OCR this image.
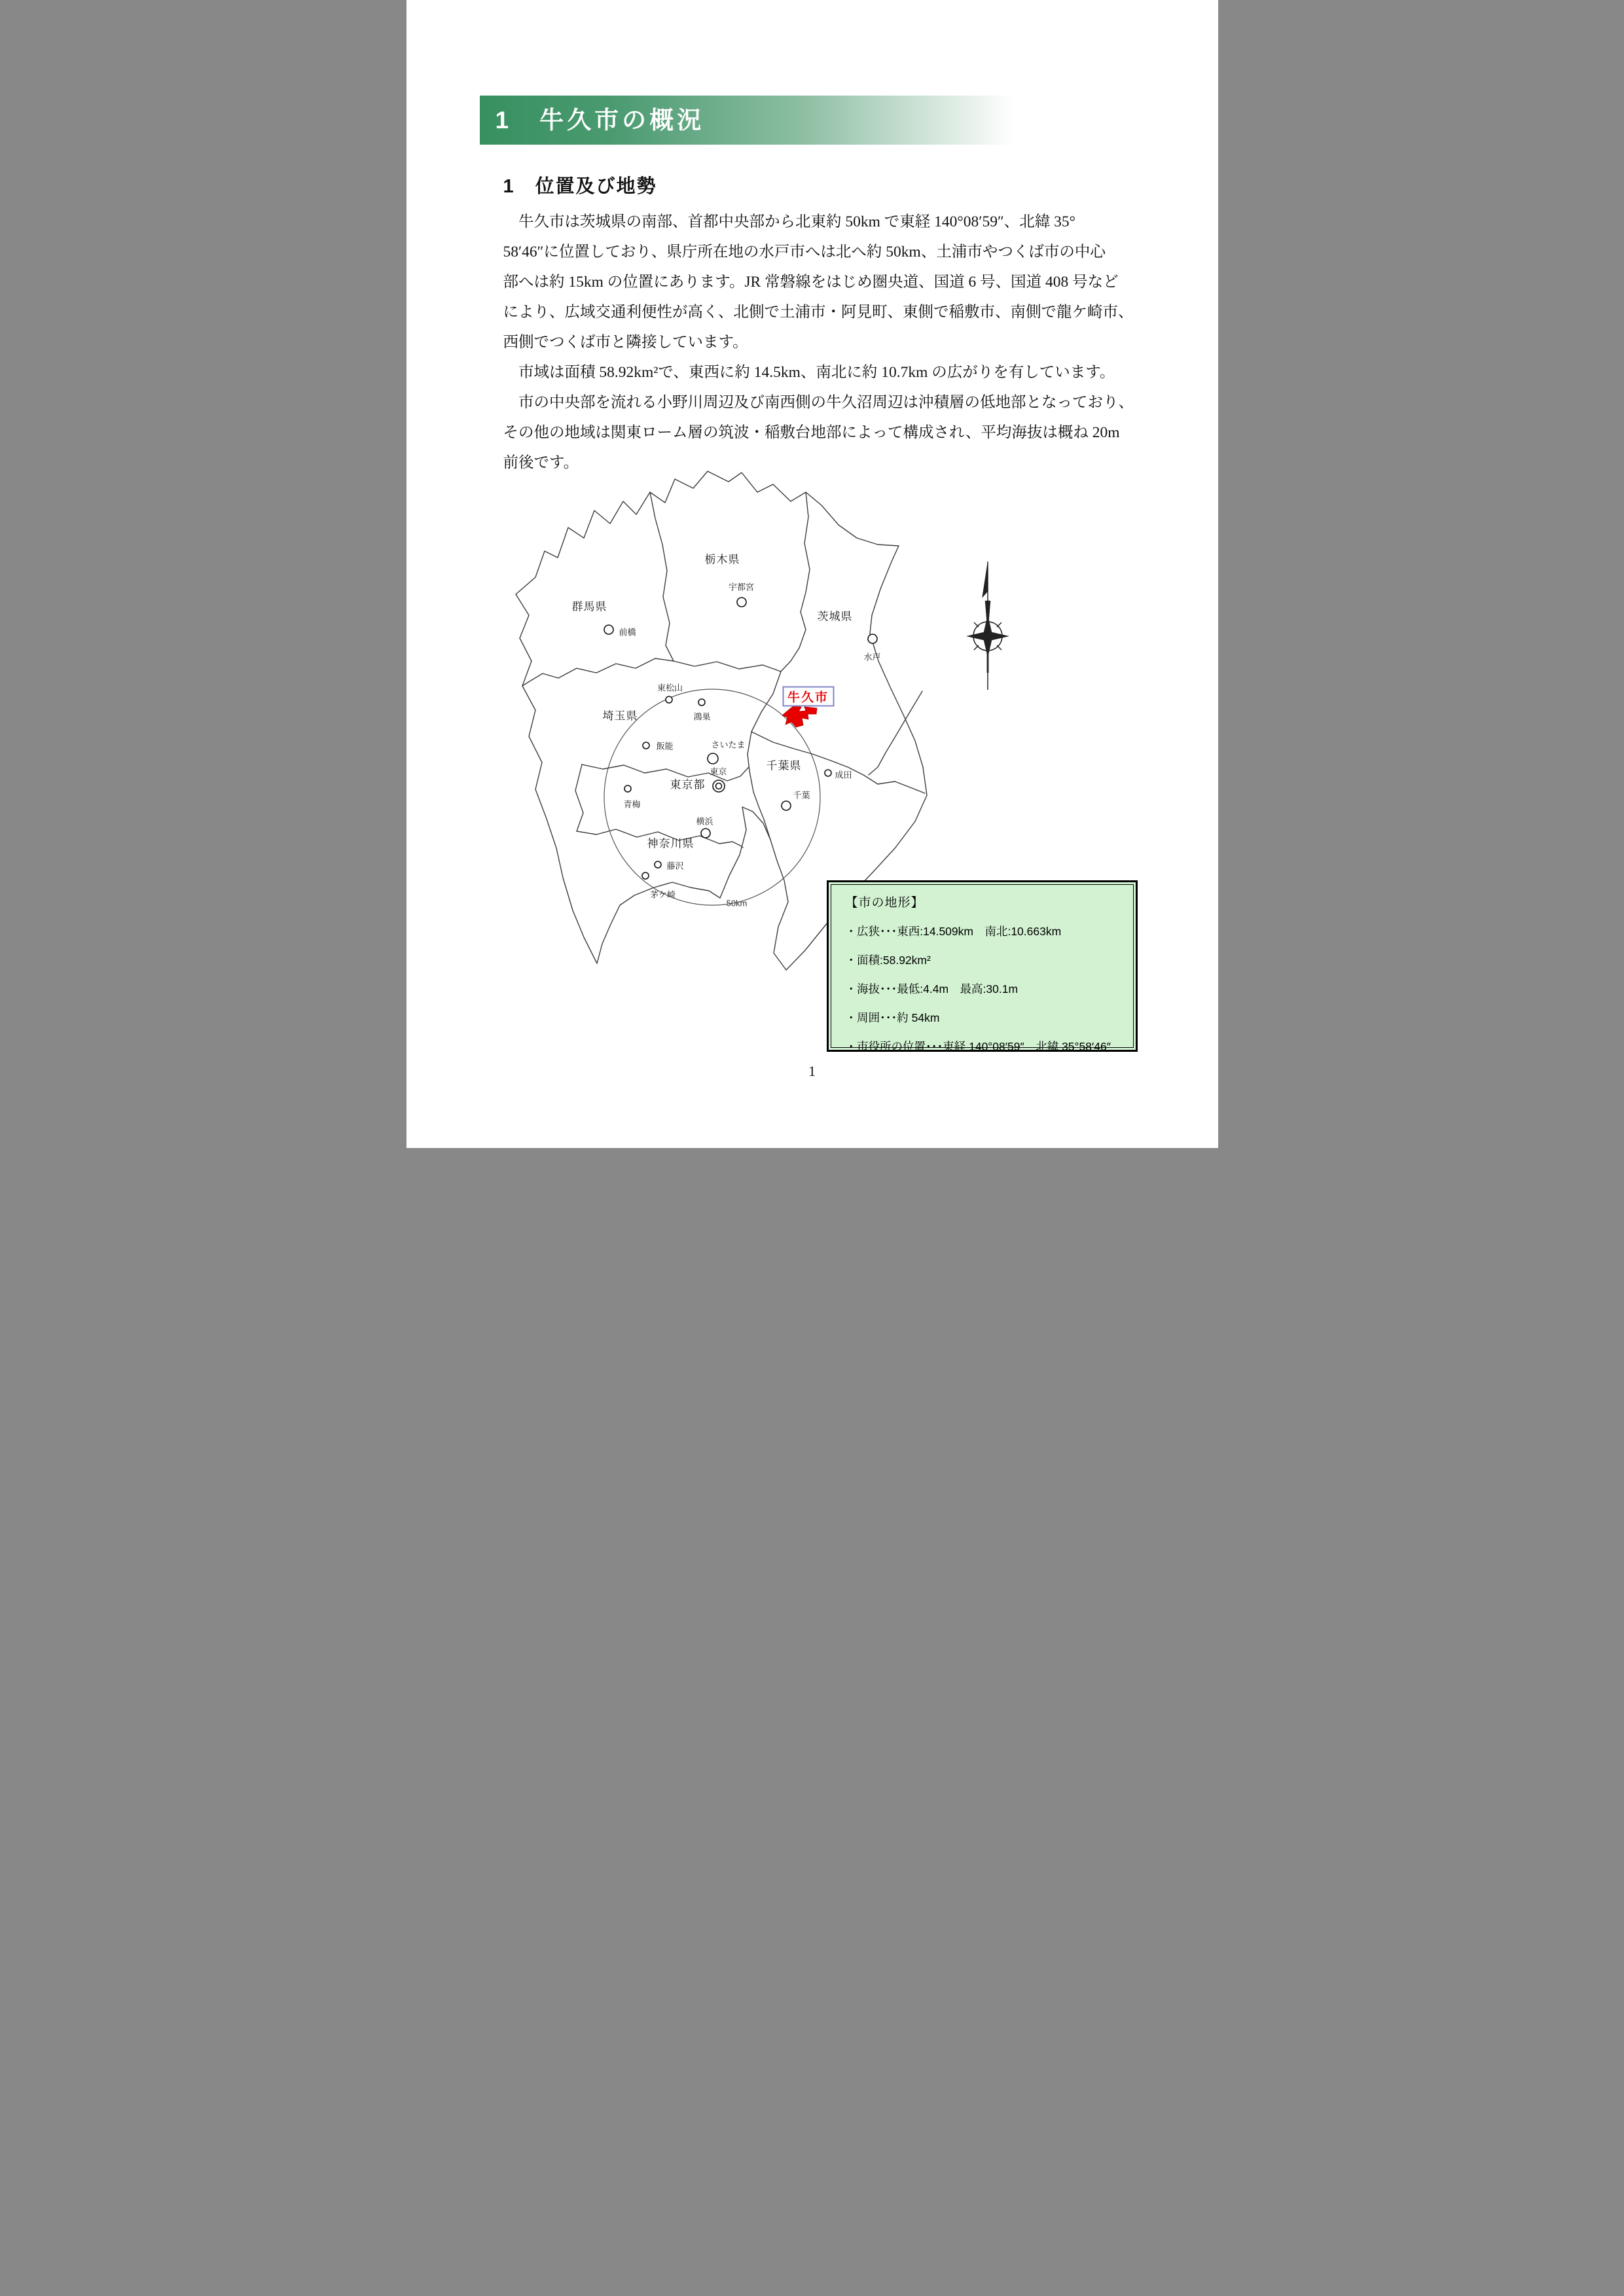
1　牛久市の概況
1　位置及び地勢
　牛久市は茨城県の南部、首都中央部から北東約 50km で東経 140°08′59″、北緯 35°
58′46″に位置しており、県庁所在地の水戸市へは北へ約 50km、土浦市やつくば市の中心
部へは約 15km の位置にあります。JR 常磐線をはじめ圏央道、国道 6 号、国道 408 号など
により、広域交通利便性が高く、北側で土浦市・阿見町、東側で稲敷市、南側で龍ケ崎市、
西側でつくば市と隣接しています。
　市域は面積 58.92km²で、東西に約 14.5km、南北に約 10.7km の広がりを有しています。
　市の中央部を流れる小野川周辺及び南西側の牛久沼周辺は沖積層の低地部となっており、
その他の地域は関東ローム層の筑波・稲敷台地部によって構成され、平均海抜は概ね 20m
前後です。
宇都宮
前橋
水戸
東松山
鴻巣
飯能	さいたま
青梅
東京	成田
千葉
横浜
藤沢
茅ケ崎
栃木県
群馬県
茨城県
埼玉県
東京都
千葉県
神奈川県
50km
牛久市
【市の地形】
・広狭･･･東西:14.509km　南北:10.663km
・面積:58.92km²
・海抜･･･最低:4.4m　最高:30.1m
・周囲･･･約 54km
・市役所の位置･･･東経 140°08′59″　北緯 35°58′46″
1
